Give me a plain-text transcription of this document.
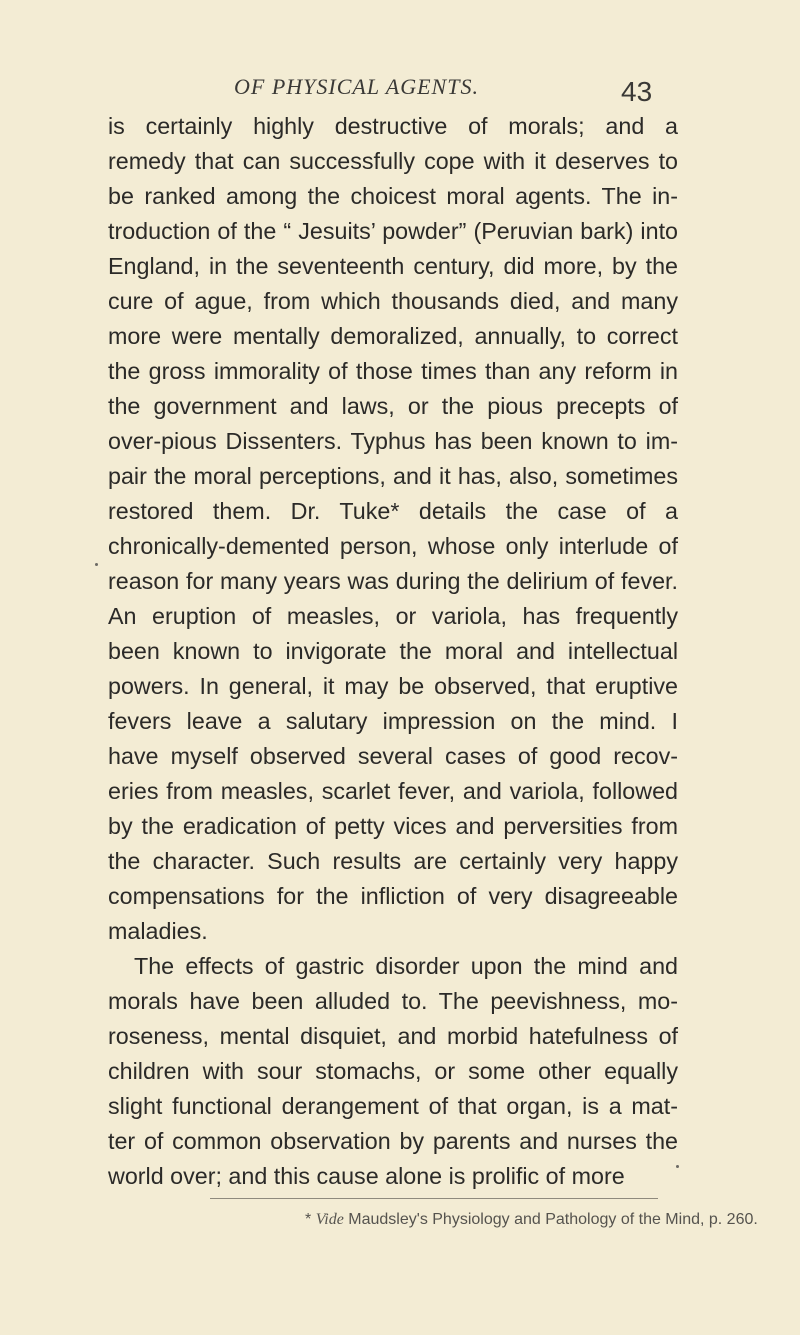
OF PHYSICAL AGENTS.	43
is certainly highly destructive of morals; and a
remedy that can successfully cope with it deserves to
be ranked among the choicest moral agents. The in-
troduction of the “ Jesuits’ powder” (Peruvian bark) into
England, in the seventeenth century, did more, by the
cure of ague, from which thousands died, and many
more were mentally demoralized, annually, to correct
the gross immorality of those times than any reform in
the government and laws, or the pious precepts of
over-pious Dissenters. Typhus has been known to im-
pair the moral perceptions, and it has, also, sometimes
restored them. Dr. Tuke* details the case of a
chronically-demented person, whose only interlude of
reason for many years was during the delirium of fever.
An eruption of measles, or variola, has frequently
been known to invigorate the moral and intellectual
powers. In general, it may be observed, that eruptive
fevers leave a salutary impression on the mind. I
have myself observed several cases of good recov-
eries from measles, scarlet fever, and variola, followed
by the eradication of petty vices and perversities from
the character. Such results are certainly very happy
compensations for the infliction of very disagreeable
maladies.
The effects of gastric disorder upon the mind and
morals have been alluded to. The peevishness, mo-
roseness, mental disquiet, and morbid hatefulness of
children with sour stomachs, or some other equally
slight functional derangement of that organ, is a mat-
ter of common observation by parents and nurses the
world over; and this cause alone is prolific of more
* Vide Maudsley's Physiology and Pathology of the Mind, p. 260.
